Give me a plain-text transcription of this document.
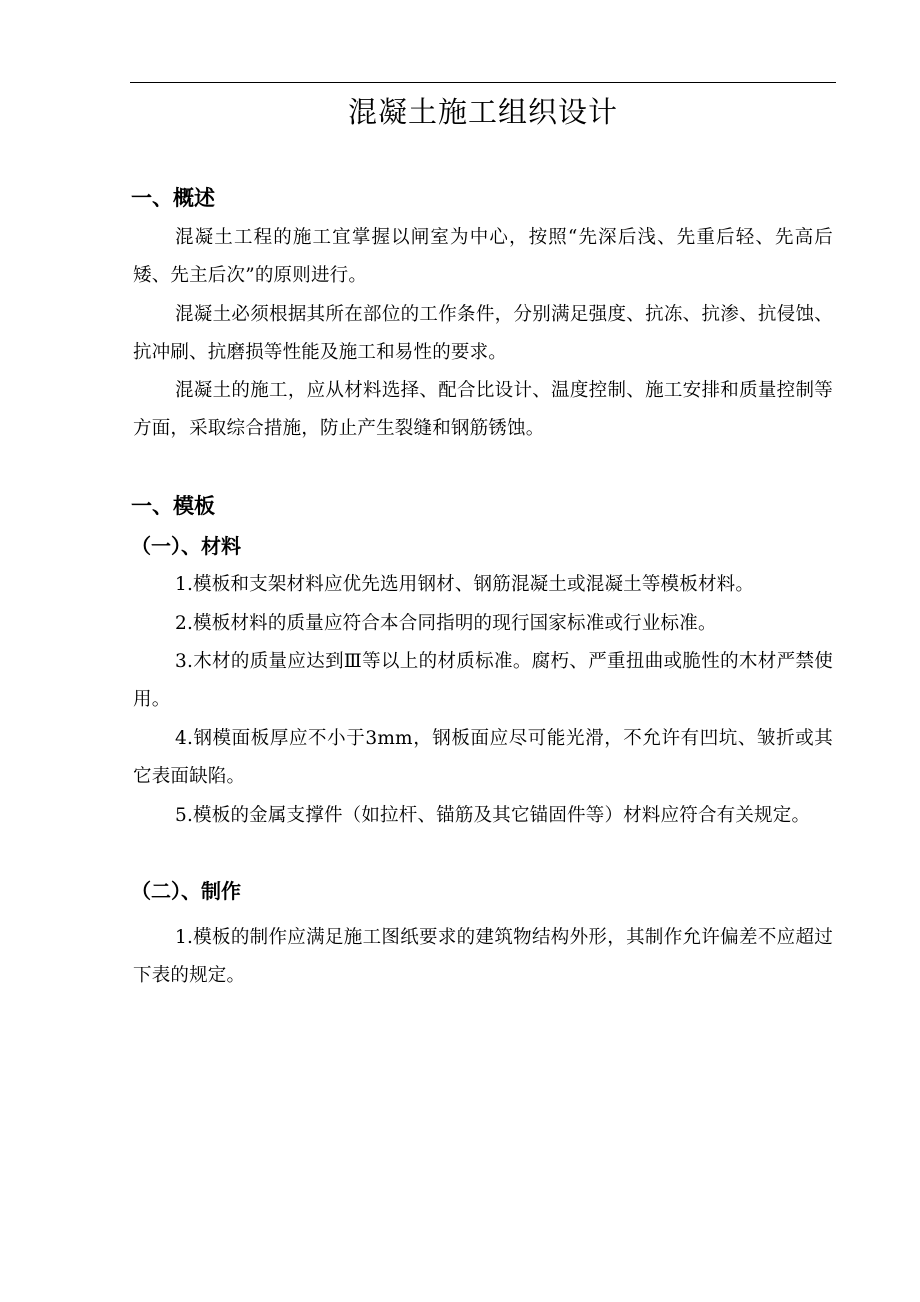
混凝土施工组织设计
一、概述

混凝土工程的施工宜掌握以闸室为中心，按照“先深后浅、先重后轻、先高后矮、先主后次”的原则进行。

混凝土必须根据其所在部位的工作条件，分别满足强度、抗冻、抗渗、抗侵蚀、抗冲刷、抗磨损等性能及施工和易性的要求。

混凝土的施工，应从材料选择、配合比设计、温度控制、施工安排和质量控制等方面，采取综合措施，防止产生裂缝和钢筋锈蚀。

一、模板
（一）、材料

1.模板和支架材料应优先选用钢材、钢筋混凝土或混凝土等模板材料。

2.模板材料的质量应符合本合同指明的现行国家标准或行业标准。

3.木材的质量应达到Ⅲ等以上的材质标准。腐朽、严重扭曲或脆性的木材严禁使用。

4.钢模面板厚应不小于3mm，钢板面应尽可能光滑，不允许有凹坑、皱折或其它表面缺陷。

5.模板的金属支撑件（如拉杆、锚筋及其它锚固件等）材料应符合有关规定。

（二）、制作

1.模板的制作应满足施工图纸要求的建筑物结构外形，其制作允许偏差不应超过下表的规定。
